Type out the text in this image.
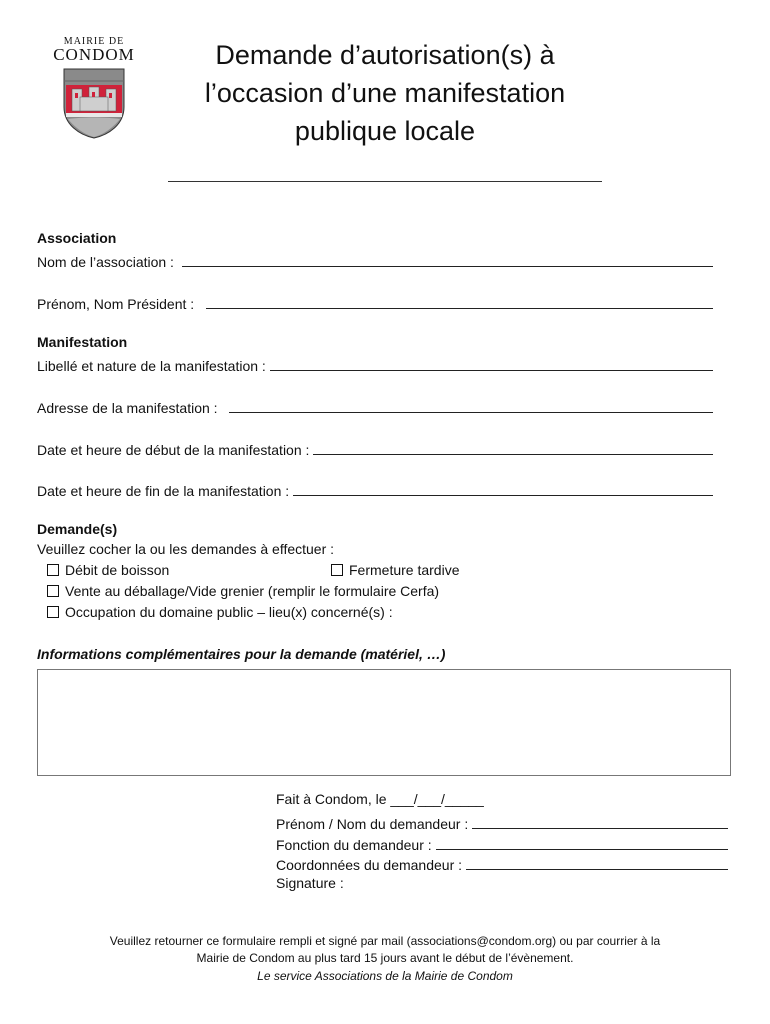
MAIRIE DE
CONDOM	Demande d’autorisation(s) à
l’occasion d’une manifestation
publique locale
Association
Nom de l’association :
Prénom, Nom Président :
Manifestation
Libellé et nature de la manifestation :
Adresse de la manifestation :
Date et heure de début de la manifestation :
Date et heure de fin de la manifestation :
Demande(s)
Veuillez cocher la ou les demandes à effectuer :
Débit de boisson	Fermeture tardive
Vente au déballage/Vide grenier (remplir le formulaire Cerfa)
Occupation du domaine public – lieu(x) concerné(s) :
Informations complémentaires pour la demande (matériel, …)
Fait à Condom, le ___/___/_____
Prénom / Nom du demandeur :
Fonction du demandeur :
Coordonnées du demandeur :
Signature :
Veuillez retourner ce formulaire rempli et signé par mail (associations@condom.org) ou par courrier à la
Mairie de Condom au plus tard 15 jours avant le début de l’évènement.
Le service Associations de la Mairie de Condom
